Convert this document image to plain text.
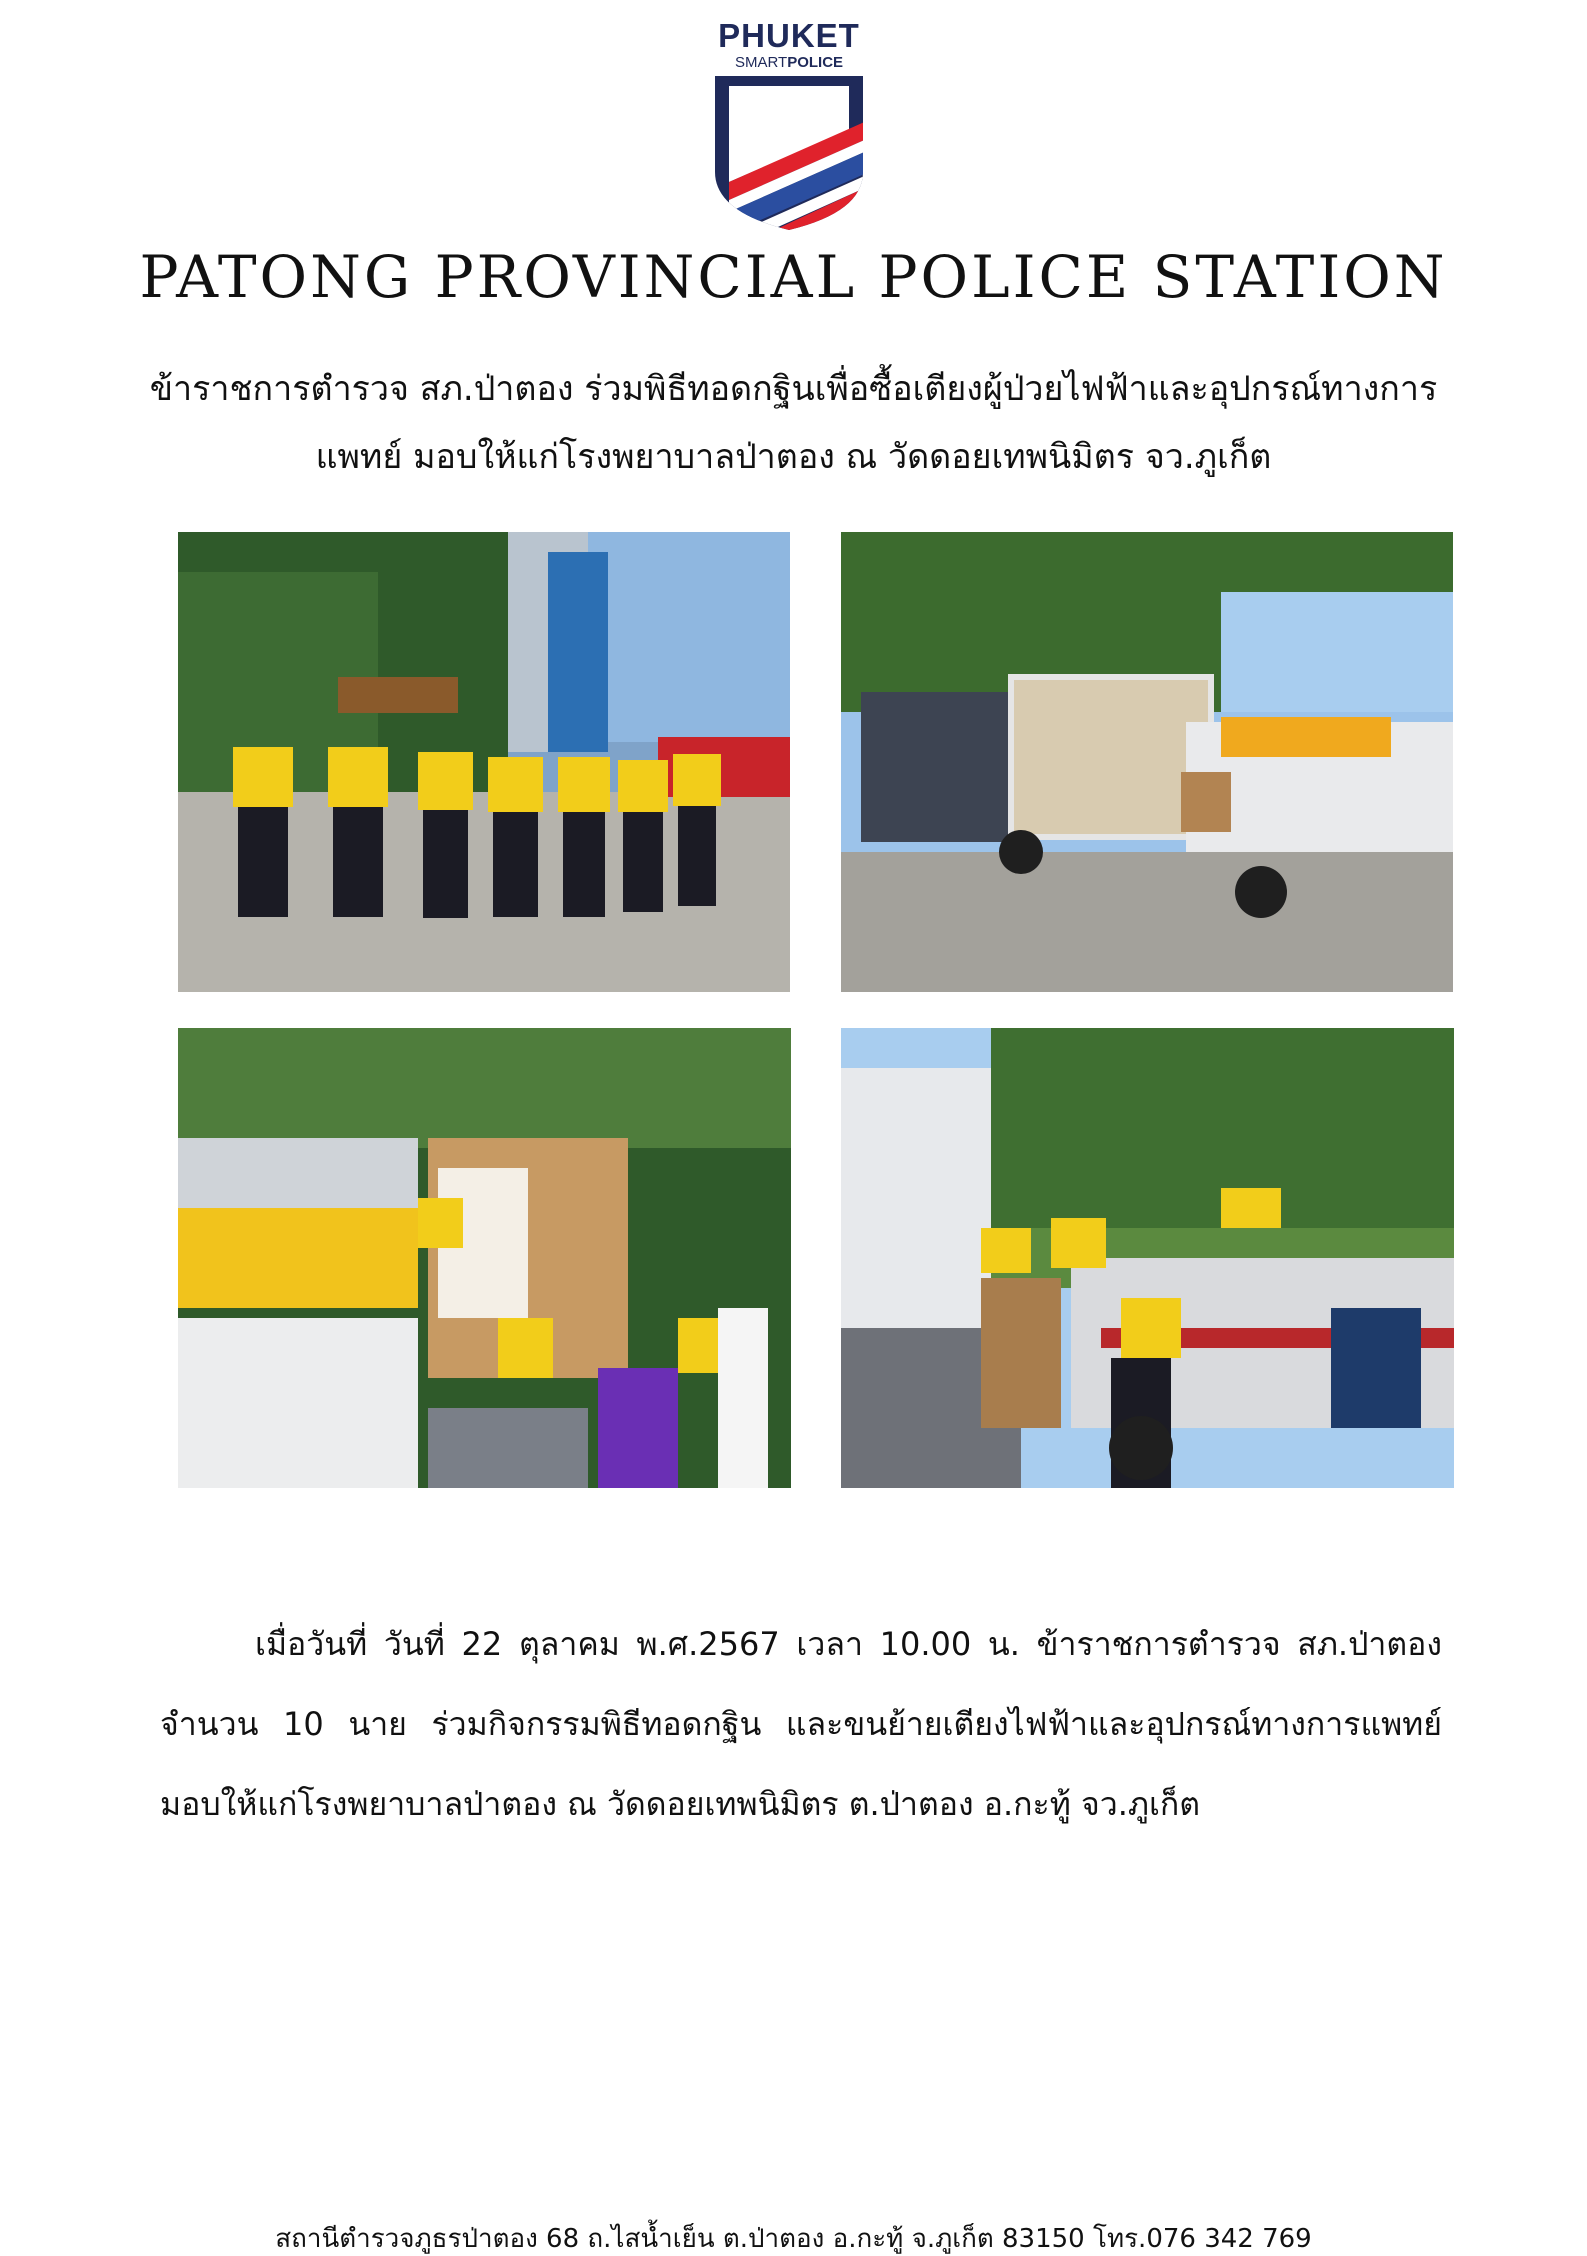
PHUKET
SMARTPOLICE
PATONG PROVINCIAL POLICE STATION
ข้าราชการตำรวจ สภ.ป่าตอง ร่วมพิธีทอดกฐินเพื่อซื้อเตียงผู้ป่วยไฟฟ้าและอุปกรณ์ทางการแพทย์ มอบให้แก่โรงพยาบาลป่าตอง ณ วัดดอยเทพนิมิตร จว.ภูเก็ต
เมื่อวันที่ วันที่ 22 ตุลาคม พ.ศ.2567 เวลา 10.00 น. ข้าราชการตำรวจ สภ.ป่าตอง จำนวน 10 นาย ร่วมกิจกรรมพิธีทอดกฐิน และขนย้ายเตียงไฟฟ้าและอุปกรณ์ทางการแพทย์ มอบให้แก่โรงพยาบาลป่าตอง ณ วัดดอยเทพนิมิตร ต.ป่าตอง อ.กะทู้ จว.ภูเก็ต
สถานีตำรวจภูธรป่าตอง 68 ถ.ไสน้ำเย็น ต.ป่าตอง อ.กะทู้ จ.ภูเก็ต 83150 โทร.076 342 769
